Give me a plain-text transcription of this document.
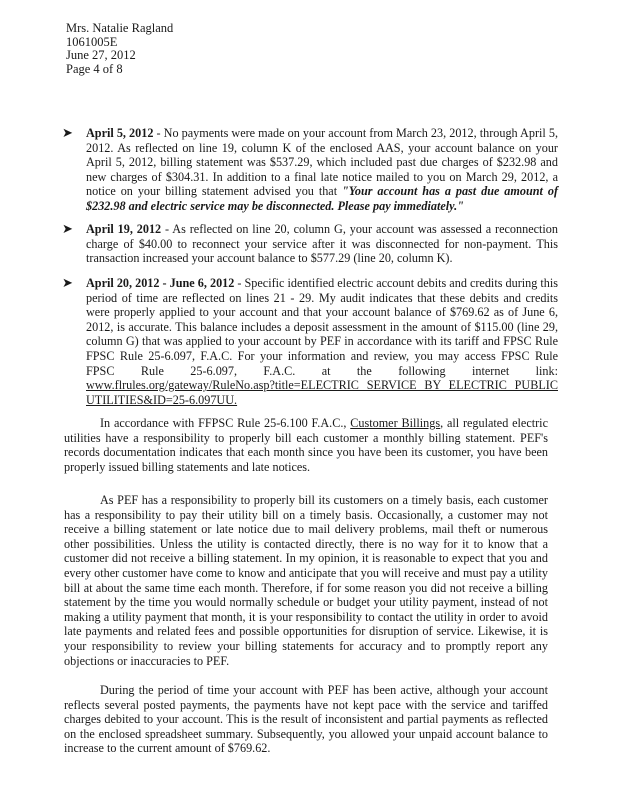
Mrs. Natalie Ragland
1061005E
June 27, 2012
Page 4 of 8
➤ April 5, 2012 - No payments were made on your account from March 23, 2012, through April 5, 2012. As reflected on line 19, column K of the enclosed AAS, your account balance on your April 5, 2012, billing statement was $537.29, which included past due charges of $232.98 and new charges of $304.31. In addition to a final late notice mailed to you on March 29, 2012, a notice on your billing statement advised you that "Your account has a past due amount of $232.98 and electric service may be disconnected. Please pay immediately."
➤ April 19, 2012 - As reflected on line 20, column G, your account was assessed a reconnection charge of $40.00 to reconnect your service after it was disconnected for non-payment. This transaction increased your account balance to $577.29 (line 20, column K).
➤ April 20, 2012 - June 6, 2012 - Specific identified electric account debits and credits during this period of time are reflected on lines 21 - 29. My audit indicates that these debits and credits were properly applied to your account and that your account balance of $769.62 as of June 6, 2012, is accurate. This balance includes a deposit assessment in the amount of $115.00 (line 29, column G) that was applied to your account by PEF in accordance with its tariff and FPSC Rule FPSC Rule 25-6.097, F.A.C. For your information and review, you may access FPSC Rule FPSC Rule 25-6.097, F.A.C. at the following internet link: www.flrules.org/gateway/RuleNo.asp?title=ELECTRIC SERVICE BY ELECTRIC PUBLIC UTILITIES&ID=25-6.097UU.
In accordance with FFPSC Rule 25-6.100 F.A.C., Customer Billings, all regulated electric utilities have a responsibility to properly bill each customer a monthly billing statement. PEF's records documentation indicates that each month since you have been its customer, you have been properly issued billing statements and late notices.
As PEF has a responsibility to properly bill its customers on a timely basis, each customer has a responsibility to pay their utility bill on a timely basis. Occasionally, a customer may not receive a billing statement or late notice due to mail delivery problems, mail theft or numerous other possibilities. Unless the utility is contacted directly, there is no way for it to know that a customer did not receive a billing statement. In my opinion, it is reasonable to expect that you and every other customer have come to know and anticipate that you will receive and must pay a utility bill at about the same time each month. Therefore, if for some reason you did not receive a billing statement by the time you would normally schedule or budget your utility payment, instead of not making a utility payment that month, it is your responsibility to contact the utility in order to avoid late payments and related fees and possible opportunities for disruption of service. Likewise, it is your responsibility to review your billing statements for accuracy and to promptly report any objections or inaccuracies to PEF.
During the period of time your account with PEF has been active, although your account reflects several posted payments, the payments have not kept pace with the service and tariffed charges debited to your account. This is the result of inconsistent and partial payments as reflected on the enclosed spreadsheet summary. Subsequently, you allowed your unpaid account balance to increase to the current amount of $769.62.
